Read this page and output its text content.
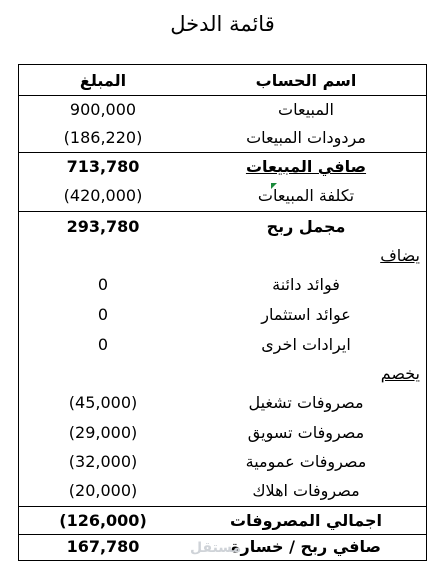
قائمة الدخل
اسم الحساب
المبلغ
المبيعات
900,000
مردودات المبيعات
(186,220)
صافي المبيعات
713,780
تكلفة المبيعات
(420,000)
مجمل ربح
293,780
يضاف
فوائد دائنة
0
عوائد استثمار
0
ايرادات اخرى
0
يخصم
مصروفات تشغيل
(45,000)
مصروفات تسويق
(29,000)
مصروفات عمومية
(32,000)
مصروفات اهلاك
(20,000)
اجمالي المصروفات
(126,000)
صافي ربح / خسارة
167,780	مستقل
